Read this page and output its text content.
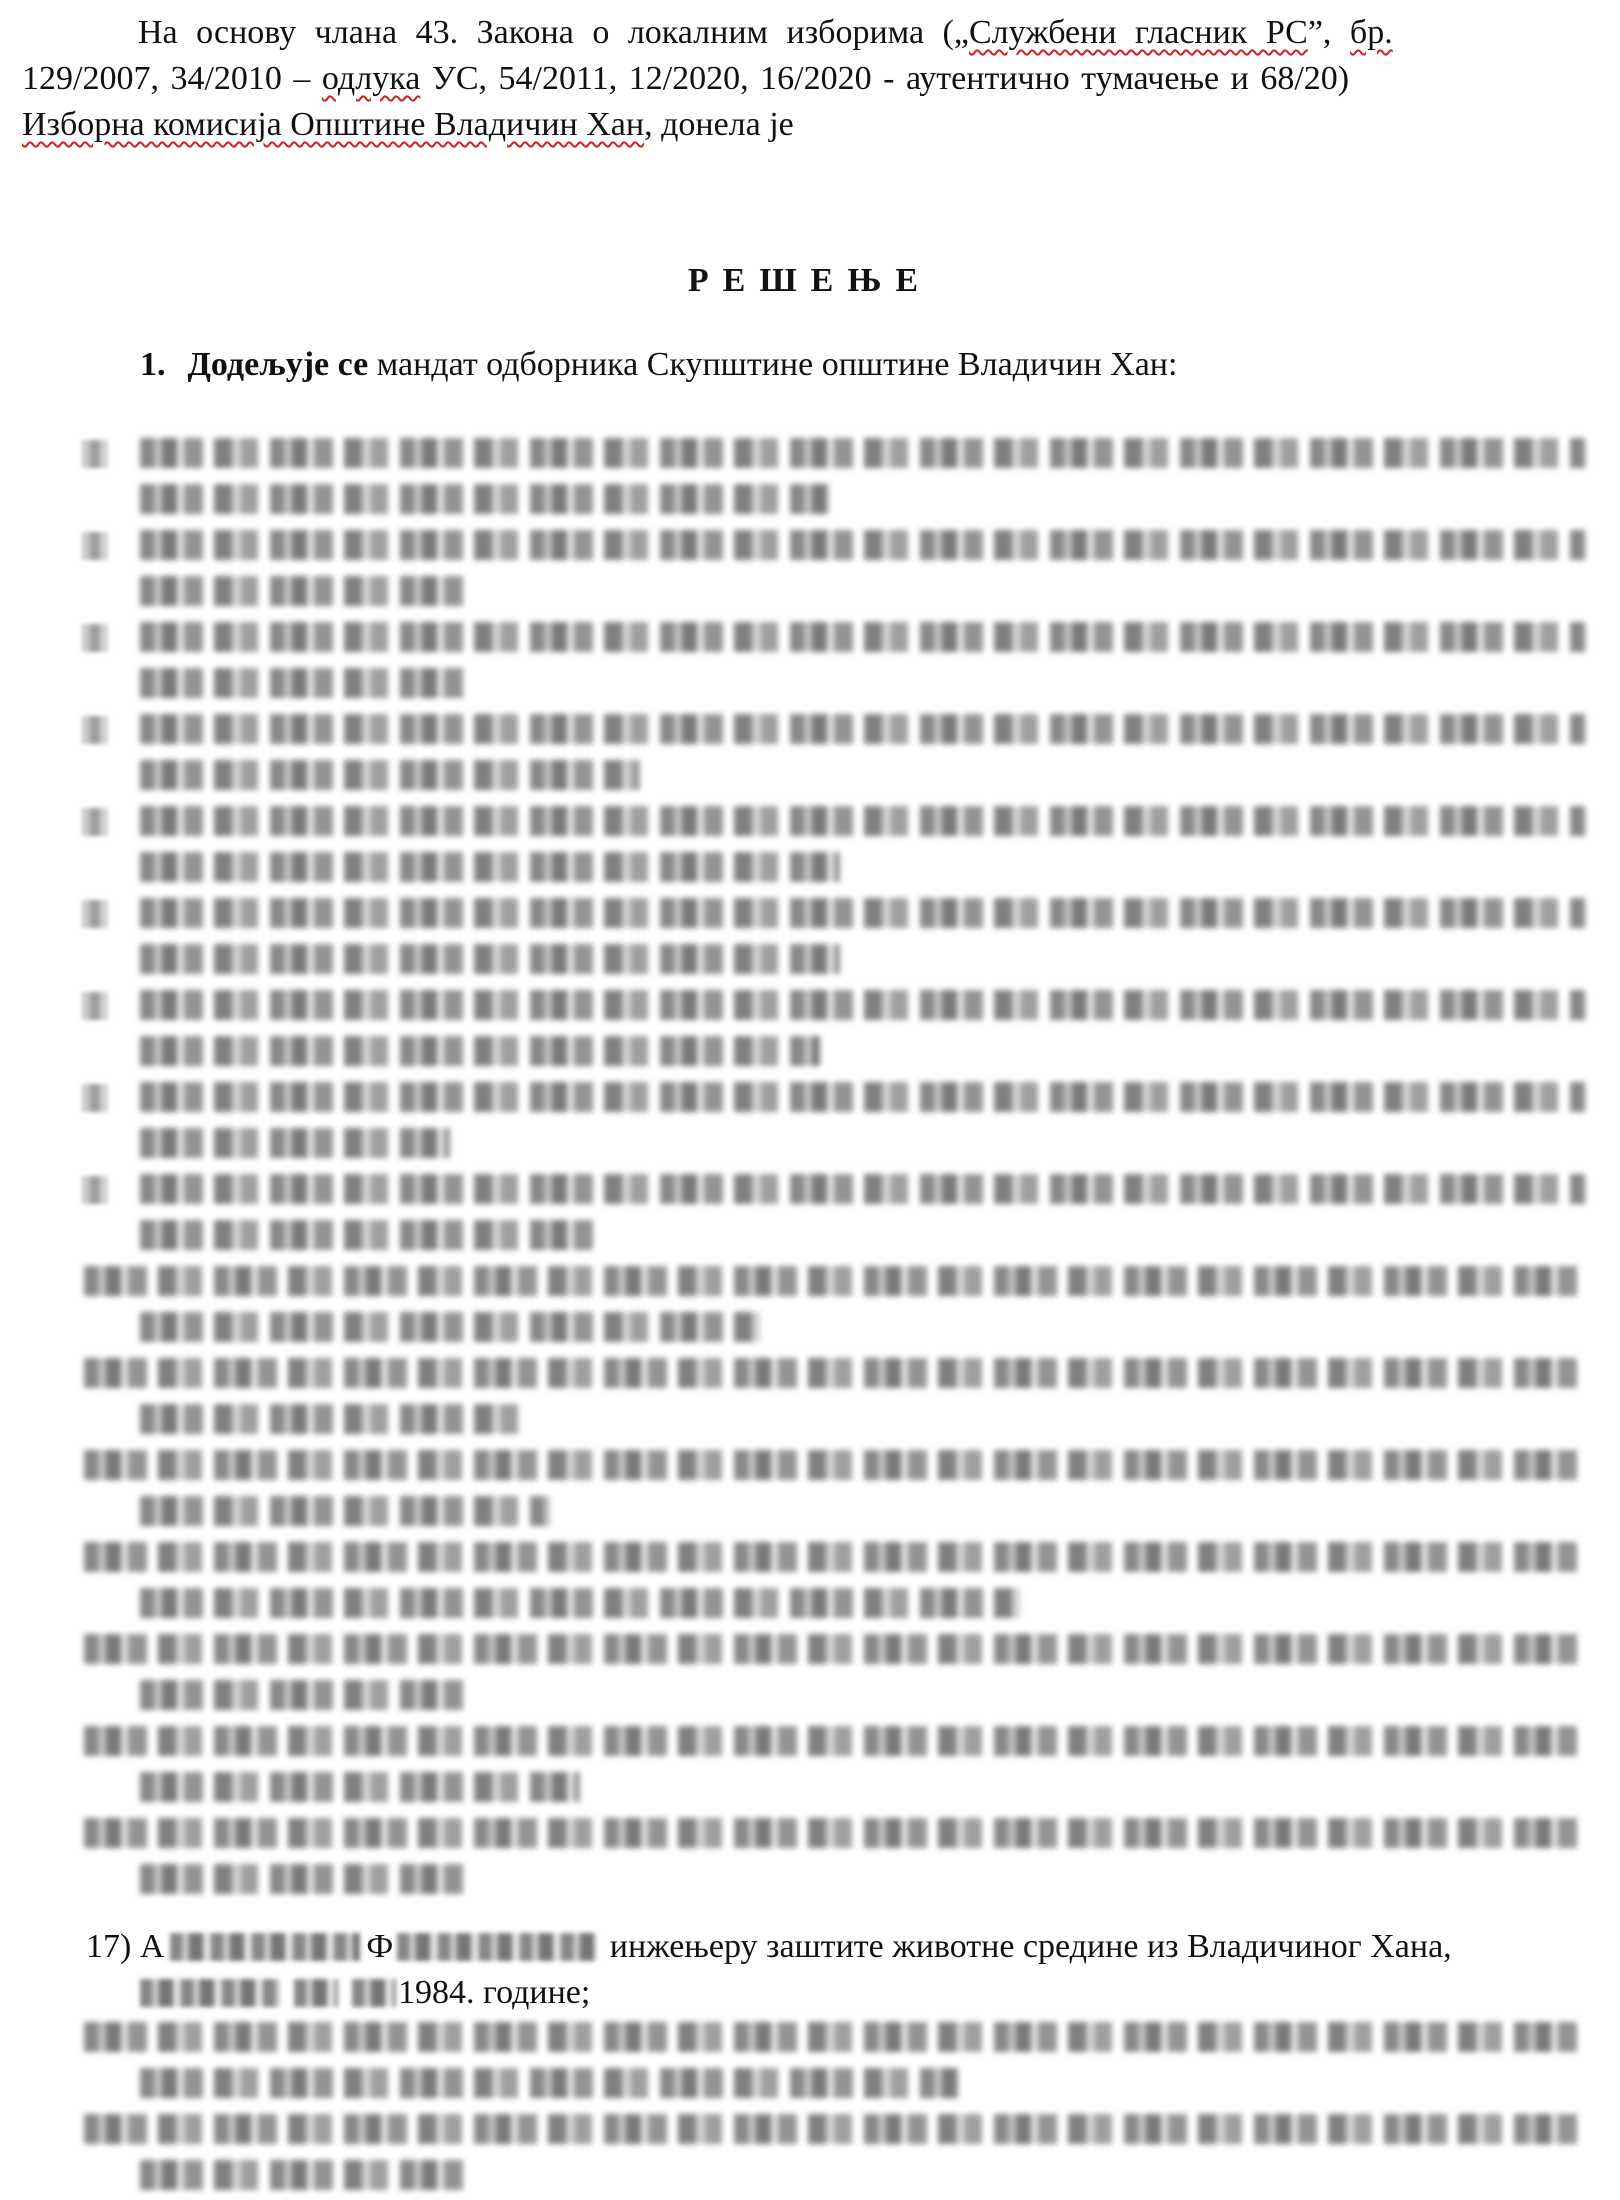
На основу члана 43. Закона о локалним изборима („Службени гласник РС”, бр.
129/2007, 34/2010 – одлука УС, 54/2011, 12/2020, 16/2020 - аутентично тумачење и 68/20)
Изборна комисија Општине Владичин Хан, донела је
РЕШЕЊЕ
1. Додељује се мандат одборника Скупштине општине Владичин Хан:
17) А	Ф	инжењеру заштите животне средине из Владичиног Хана,
1984. године;
